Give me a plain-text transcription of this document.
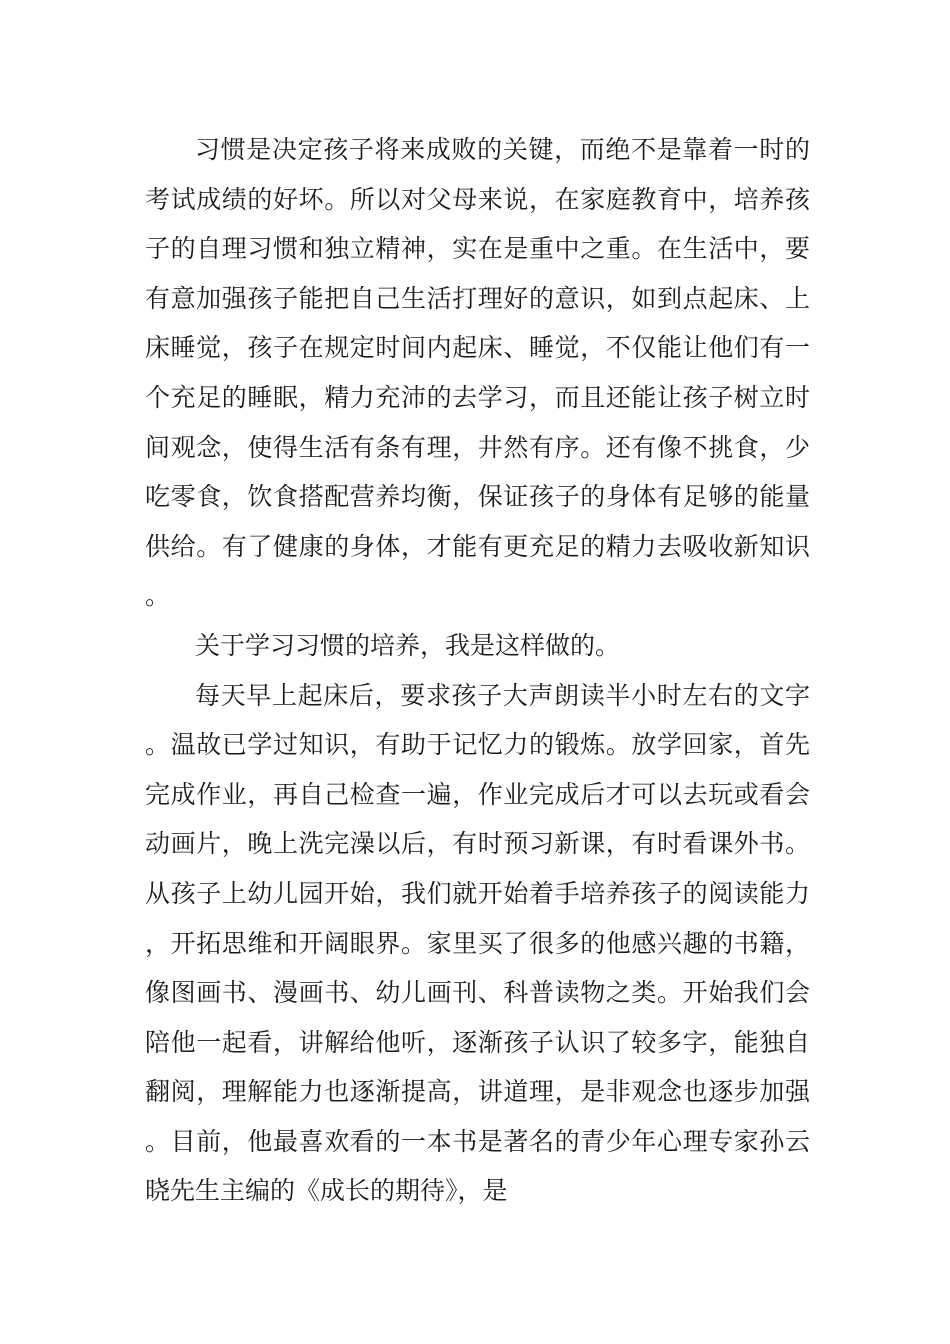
习惯是决定孩子将来成败的关键，而绝不是靠着一时的考试成绩的好坏。所以对父母来说，在家庭教育中，培养孩子的自理习惯和独立精神，实在是重中之重。在生活中，要有意加强孩子能把自己生活打理好的意识，如到点起床、上床睡觉，孩子在规定时间内起床、睡觉，不仅能让他们有一个充足的睡眠，精力充沛的去学习，而且还能让孩子树立时间观念，使得生活有条有理，井然有序。还有像不挑食，少吃零食，饮食搭配营养均衡，保证孩子的身体有足够的能量供给。有了健康的身体，才能有更充足的精力去吸收新知识。

关于学习习惯的培养，我是这样做的。

每天早上起床后，要求孩子大声朗读半小时左右的文字。温故已学过知识，有助于记忆力的锻炼。放学回家，首先完成作业，再自己检查一遍，作业完成后才可以去玩或看会动画片，晚上洗完澡以后，有时预习新课，有时看课外书。从孩子上幼儿园开始，我们就开始着手培养孩子的阅读能力，开拓思维和开阔眼界。家里买了很多的他感兴趣的书籍，像图画书、漫画书、幼儿画刊、科普读物之类。开始我们会陪他一起看，讲解给他听，逐渐孩子认识了较多字，能独自翻阅，理解能力也逐渐提高，讲道理，是非观念也逐步加强。目前，他最喜欢看的一本书是著名的青少年心理专家孙云晓先生主编的《成长的期待》，是
